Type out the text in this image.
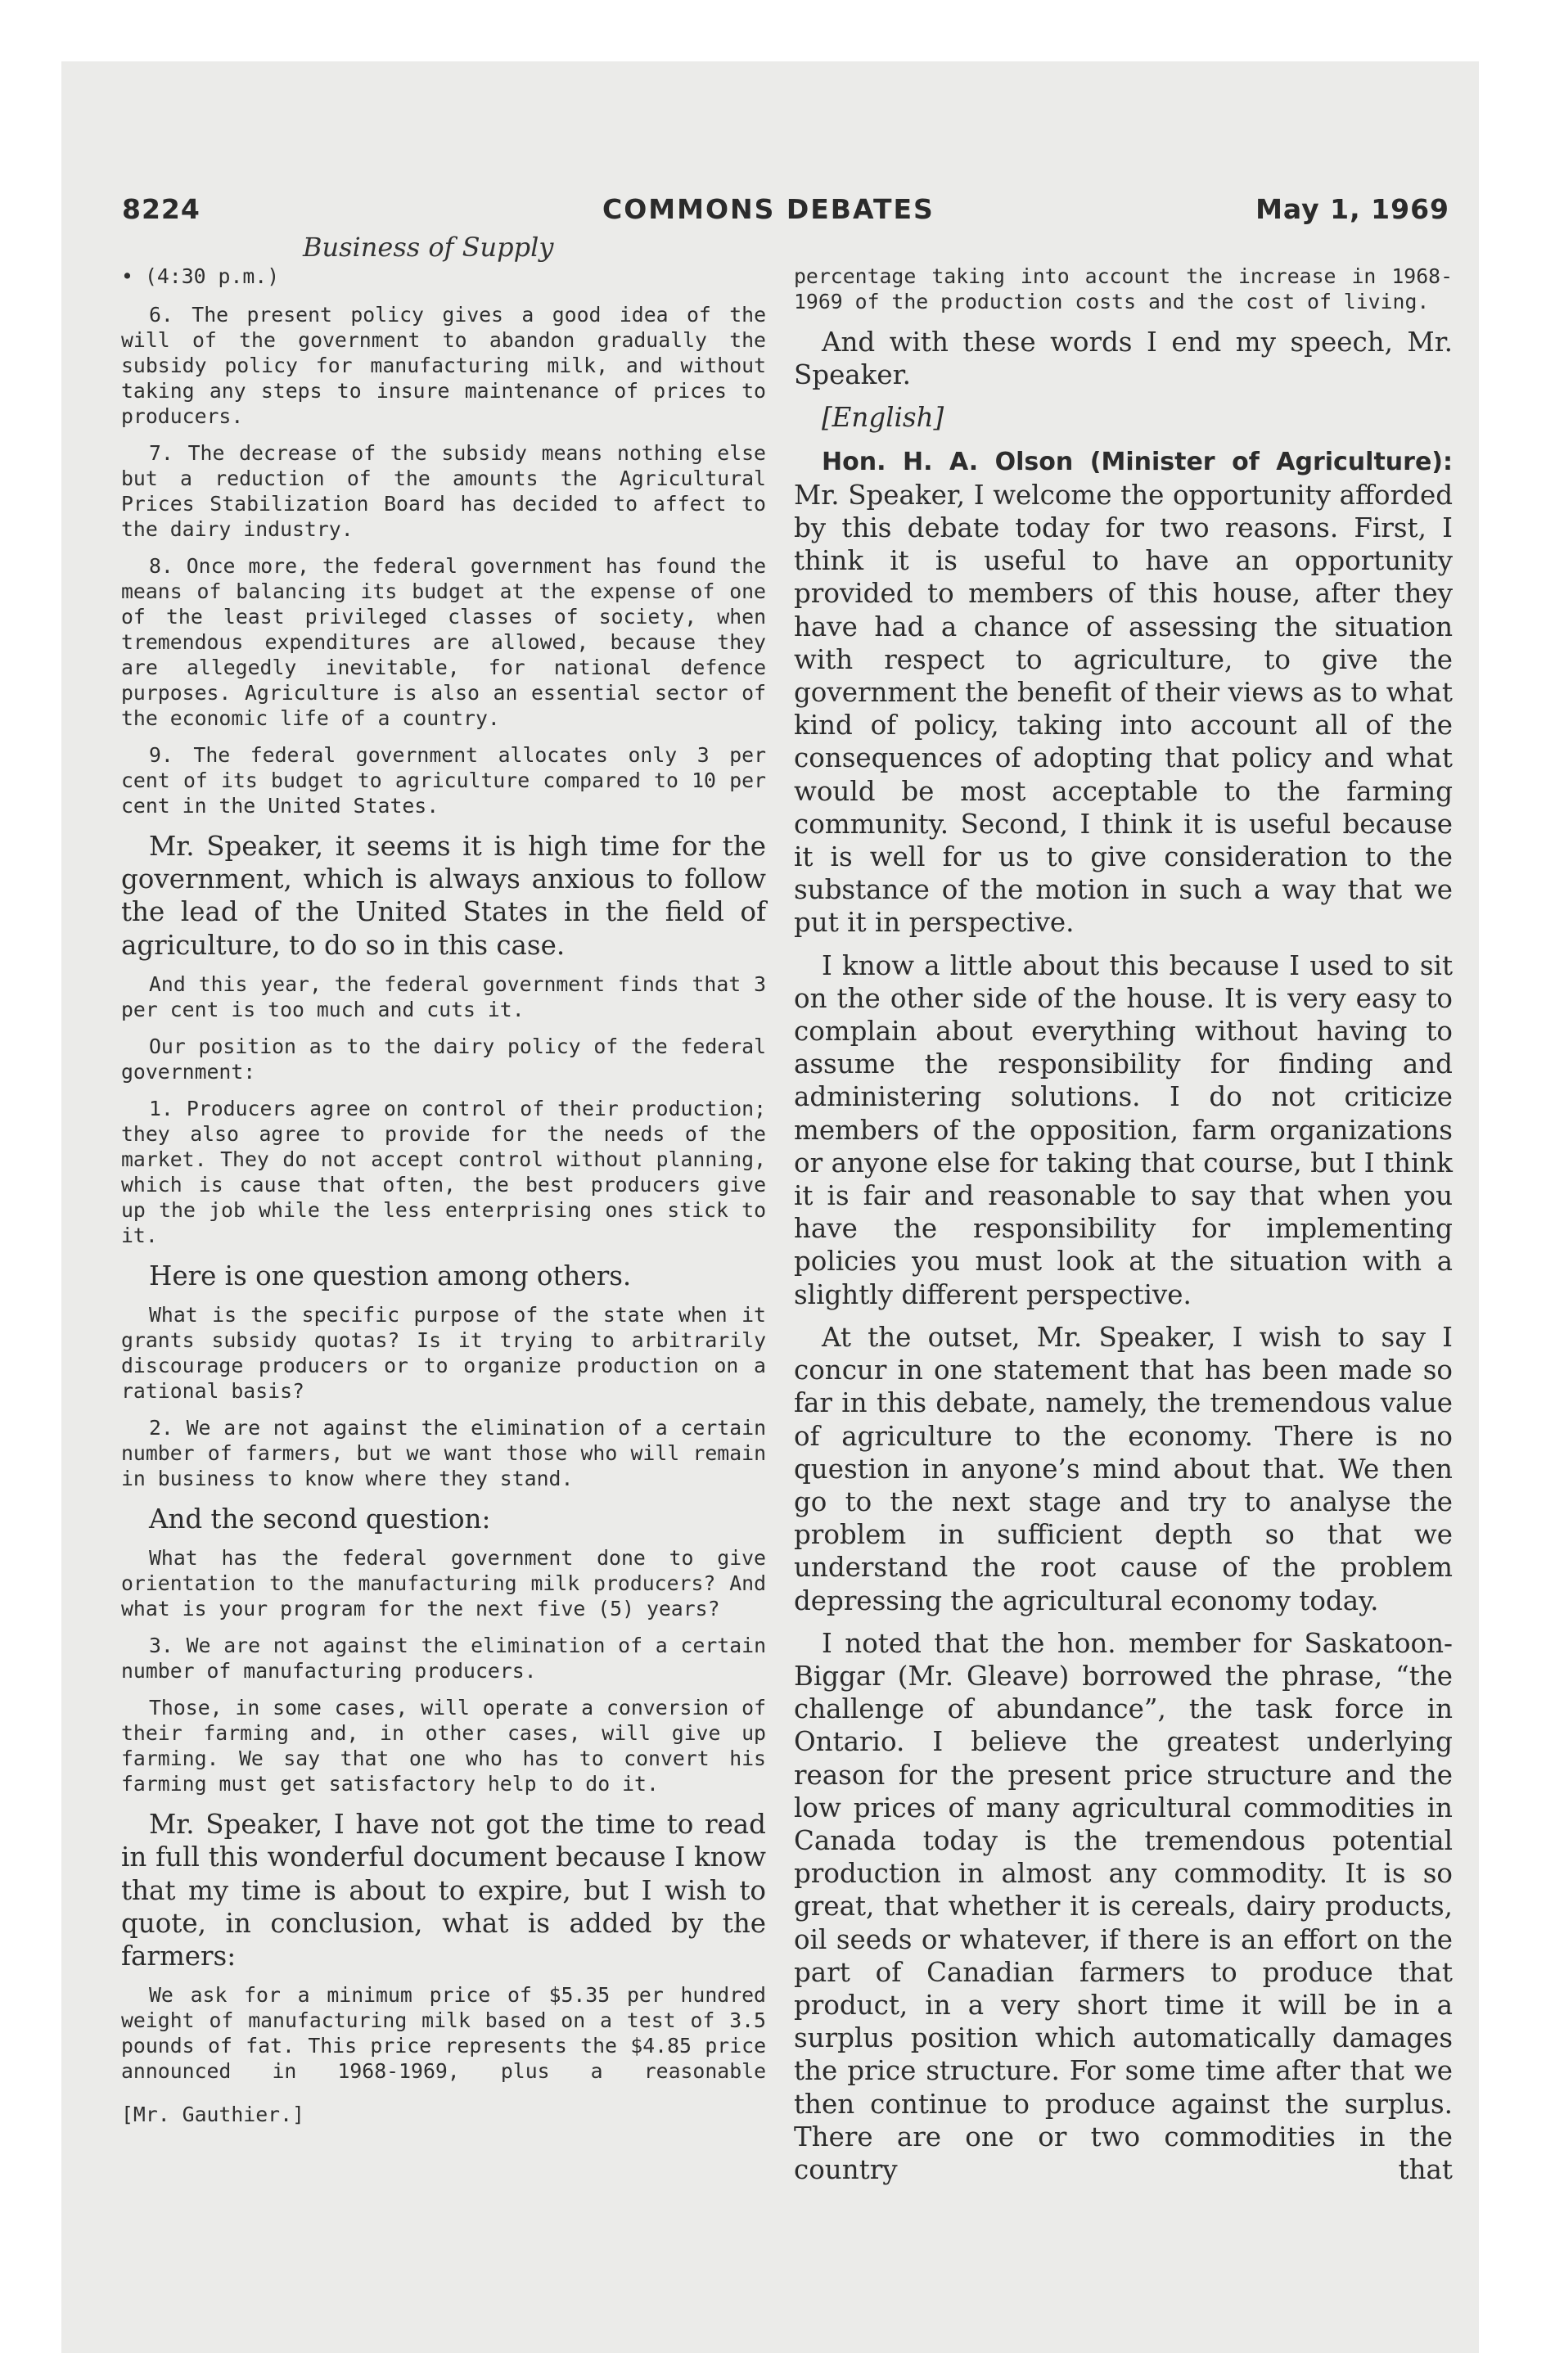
8224	COMMONS DEBATES	May 1, 1969
Business of Supply

• (4:30 p.m.)

6. The present policy gives a good idea of the will of the government to abandon gradually the subsidy policy for manufacturing milk, and without taking any steps to insure maintenance of prices to producers.

7. The decrease of the subsidy means nothing else but a reduction of the amounts the Agricultural Prices Stabilization Board has decided to affect to the dairy industry.

8. Once more, the federal government has found the means of balancing its budget at the expense of one of the least privileged classes of society, when tremendous expenditures are allowed, because they are allegedly inevitable, for national defence purposes. Agriculture is also an essential sector of the economic life of a country.

9. The federal government allocates only 3 per cent of its budget to agriculture compared to 10 per cent in the United States.

Mr. Speaker, it seems it is high time for the government, which is always anxious to follow the lead of the United States in the field of agriculture, to do so in this case.

And this year, the federal government finds that 3 per cent is too much and cuts it.

Our position as to the dairy policy of the federal government:

1. Producers agree on control of their production; they also agree to provide for the needs of the market. They do not accept control without planning, which is cause that often, the best producers give up the job while the less enterprising ones stick to it.

Here is one question among others.

What is the specific purpose of the state when it grants subsidy quotas? Is it trying to arbitrarily discourage producers or to organize production on a rational basis?

2. We are not against the elimination of a certain number of farmers, but we want those who will remain in business to know where they stand.

And the second question:

What has the federal government done to give orientation to the manufacturing milk producers? And what is your program for the next five (5) years?

3. We are not against the elimination of a certain number of manufacturing producers.

Those, in some cases, will operate a conversion of their farming and, in other cases, will give up farming. We say that one who has to convert his farming must get satisfactory help to do it.

Mr. Speaker, I have not got the time to read in full this wonderful document because I know that my time is about to expire, but I wish to quote, in conclusion, what is added by the farmers:

We ask for a minimum price of $5.35 per hundred weight of manufacturing milk based on a test of 3.5 pounds of fat. This price represents the $4.85 price announced in 1968-1969, plus a reasonable

[Mr. Gauthier.]

percentage taking into account the increase in 1968-1969 of the production costs and the cost of living.

And with these words I end my speech, Mr. Speaker.

[English]

Hon. H. A. Olson (Minister of Agriculture): Mr. Speaker, I welcome the opportunity afforded by this debate today for two reasons. First, I think it is useful to have an opportunity provided to members of this house, after they have had a chance of assessing the situation with respect to agriculture, to give the government the benefit of their views as to what kind of policy, taking into account all of the consequences of adopting that policy and what would be most acceptable to the farming community. Second, I think it is useful because it is well for us to give consideration to the substance of the motion in such a way that we put it in perspective.

I know a little about this because I used to sit on the other side of the house. It is very easy to complain about everything without having to assume the responsibility for finding and administering solutions. I do not criticize members of the opposition, farm organizations or anyone else for taking that course, but I think it is fair and reasonable to say that when you have the responsibility for implementing policies you must look at the situation with a slightly different perspective.

At the outset, Mr. Speaker, I wish to say I concur in one statement that has been made so far in this debate, namely, the tremendous value of agriculture to the economy. There is no question in anyone’s mind about that. We then go to the next stage and try to analyse the problem in sufficient depth so that we understand the root cause of the problem depressing the agricultural economy today.

I noted that the hon. member for Saskatoon-Biggar (Mr. Gleave) borrowed the phrase, “the challenge of abundance”, the task force in Ontario. I believe the greatest underlying reason for the present price structure and the low prices of many agricultural commodities in Canada today is the tremendous potential production in almost any commodity. It is so great, that whether it is cereals, dairy products, oil seeds or whatever, if there is an effort on the part of Canadian farmers to produce that product, in a very short time it will be in a surplus position which automatically damages the price structure. For some time after that we then continue to produce against the surplus. There are one or two commodities in the country that
